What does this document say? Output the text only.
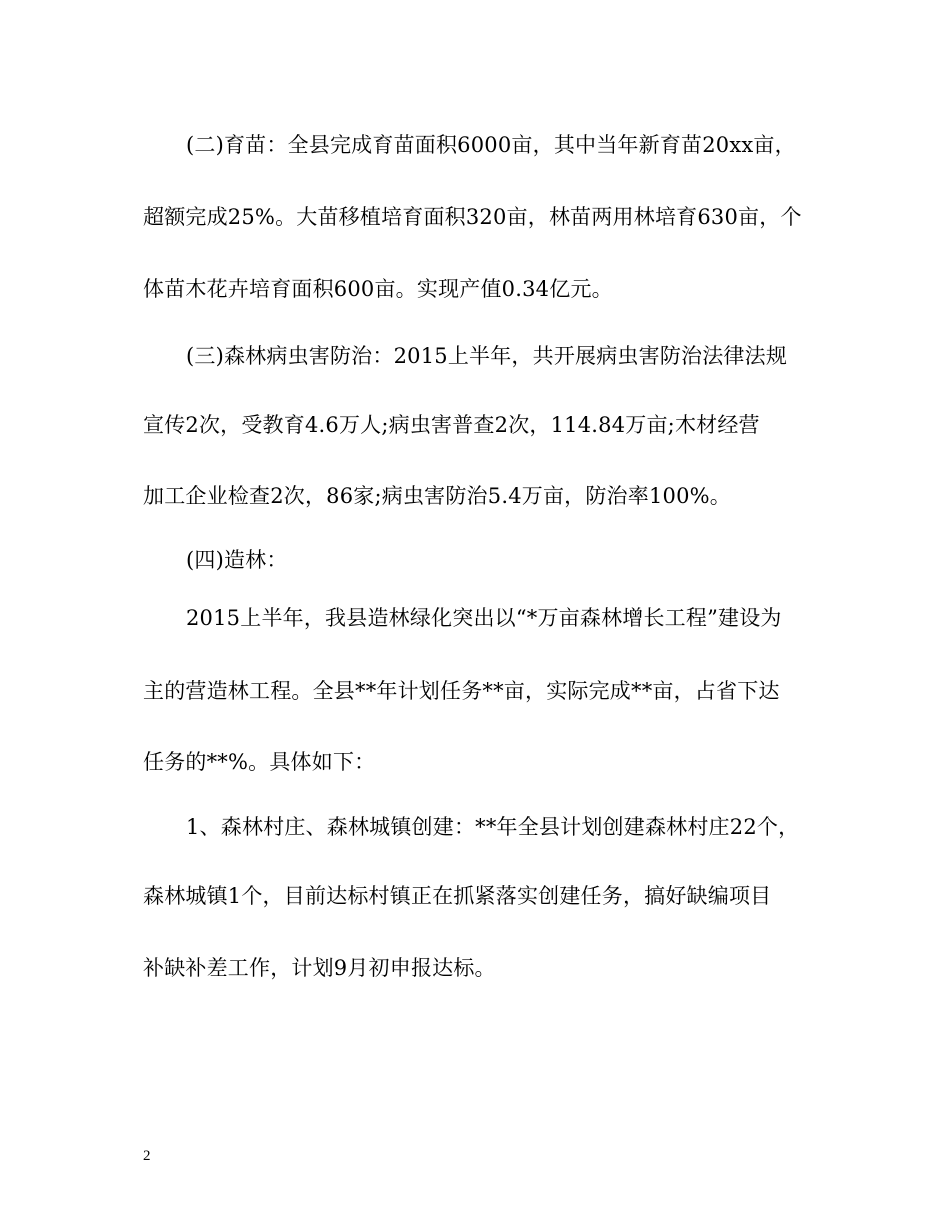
(二)育苗：全县完成育苗面积6000亩，其中当年新育苗20xx亩，
超额完成25%。大苗移植培育面积320亩，林苗两用林培育630亩，个
体苗木花卉培育面积600亩。实现产值0.34亿元。
(三)森林病虫害防治：2015上半年，共开展病虫害防治法律法规
宣传2次，受教育4.6万人;病虫害普查2次，114.84万亩;木材经营
加工企业检查2次，86家;病虫害防治5.4万亩，防治率100%。
(四)造林：
2015上半年，我县造林绿化突出以“*万亩森林增长工程”建设为
主的营造林工程。全县**年计划任务**亩，实际完成**亩，占省下达
任务的**%。具体如下：
1、森林村庄、森林城镇创建：**年全县计划创建森林村庄22个，
森林城镇1个，目前达标村镇正在抓紧落实创建任务，搞好缺编项目
补缺补差工作，计划9月初申报达标。
2
